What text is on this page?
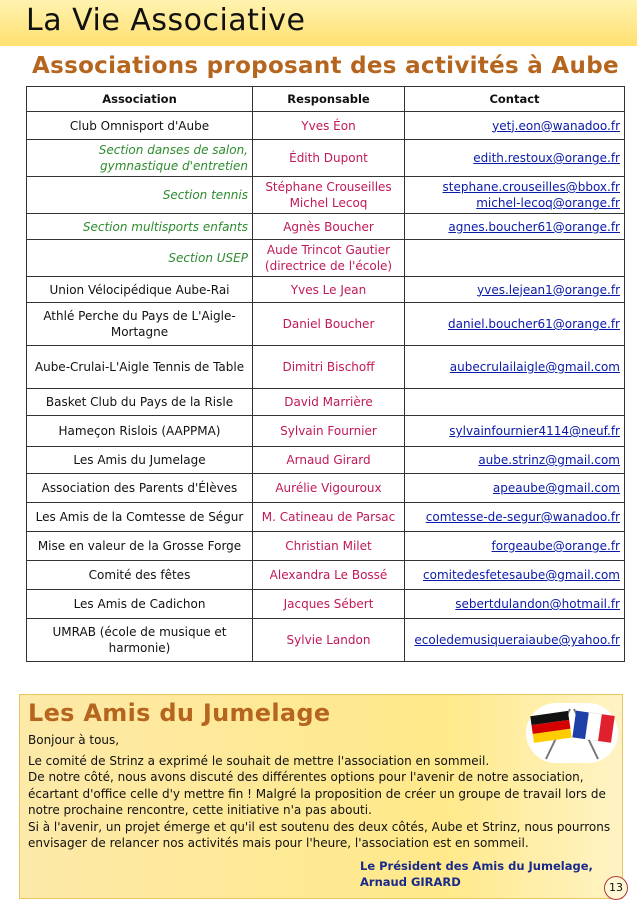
La Vie Associative
Associations proposant des activités à Aube
Association	Responsable	Contact
Club Omnisport d'Aube	Yves Éon	yetj.eon@wanadoo.fr

Section danses de salon, gymnastique d'entretien	Édith Dupont	edith.restoux@orange.fr

Section tennis	Stéphane Crouseilles Michel Lecoq	stephane.crouseilles@bbox.fr
michel-lecoq@orange.fr

Section multisports enfants	Agnès Boucher	agnes.boucher61@orange.fr

Section USEP	Aude Trincot Gautier (directrice de l'école)	
Union Vélocipédique Aube-Rai	Yves Le Jean	yves.lejean1@orange.fr

Athlé Perche du Pays de L'Aigle-Mortagne	Daniel Boucher	daniel.boucher61@orange.fr

Aube-Crulai-L'Aigle Tennis de Table	Dimitri Bischoff	aubecrulailaigle@gmail.com

Basket Club du Pays de la Risle	David Marrière	
Hameçon Rislois (AAPPMA)	Sylvain Fournier	sylvainfournier4114@neuf.fr

Les Amis du Jumelage	Arnaud Girard	aube.strinz@gmail.com

Association des Parents d'Élèves	Aurélie Vigouroux	apeaube@gmail.com

Les Amis de la Comtesse de Ségur	M. Catineau de Parsac	comtesse-de-segur@wanadoo.fr

Mise en valeur de la Grosse Forge	Christian Milet	forgeaube@orange.fr

Comité des fêtes	Alexandra Le Bossé	comitedesfetesaube@gmail.com

Les Amis de Cadichon	Jacques Sébert	sebertdulandon@hotmail.fr

UMRAB (école de musique et harmonie)	Sylvie Landon	ecoledemusiqueraiaube@yahoo.fr
Les Amis du Jumelage
Bonjour à tous,

Le comité de Strinz a exprimé le souhait de mettre l'association en sommeil.

De notre côté, nous avons discuté des différentes options pour l'avenir de notre association, écartant d'office celle d'y mettre fin ! Malgré la proposition de créer un groupe de travail lors de notre prochaine rencontre, cette initiative n'a pas abouti.

Si à l'avenir, un projet émerge et qu'il est soutenu des deux côtés, Aube et Strinz, nous pourrons envisager de relancer nos activités mais pour l'heure, l'association est en sommeil.

Le Président des Amis du Jumelage,
Arnaud GIRARD	13
